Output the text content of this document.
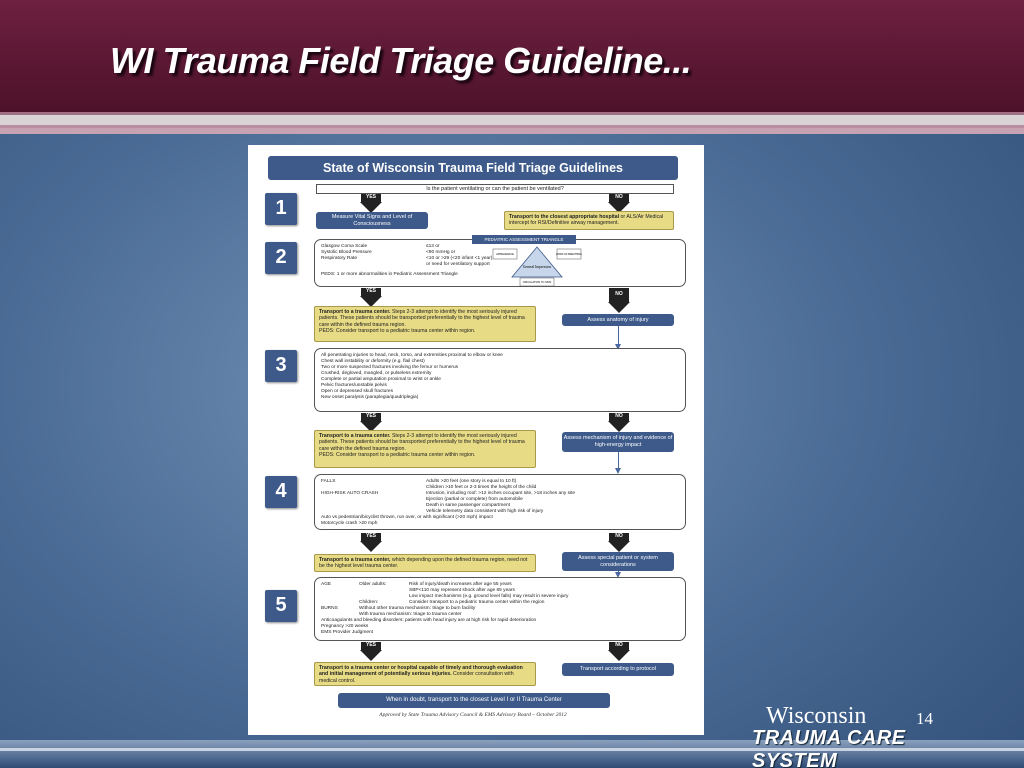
WI Trauma Field Triage Guideline...
State of Wisconsin Trauma Field Triage Guidelines
Is the patient ventilating or can the patient be ventilated?
YES	NO
1	Measure Vital Signs and Level of Consciousness
Transport to the closest appropriate hospital or ALS/Air Medical intercept for RSI/Definitive airway management.
2	Glasgow Coma Scale	≤13 or
Systolic Blood Pressure	<90 mmHg or
Respiratory Rate	<10 or >29 (<20 infant <1 year)
or need for ventilatory support
PEDS: 1 or more abnormalities in Pediatric Assessment Triangle
PEDIATRIC ASSESSMENT TRIANGLE
APPEARANCE	WORK OF BREATHING
General Impression
CIRCULATION TO SKIN
YES	NO
Transport to a trauma center. Steps 2-3 attempt to identify the most seriously injured patients. These patients should be transported preferentially to the highest level of trauma care within the defined trauma region.
PEDS: Consider transport to a pediatric trauma center within region.
Assess anatomy of injury
3	All penetrating injuries to head, neck, torso, and extremities proximal to elbow or knee
Chest wall instability or deformity (e.g. flail chest)
Two or more suspected fractures involving the femur or humerus
Crushed, degloved, mangled, or pulseless extremity
Complete or partial amputation proximal to wrist or ankle
Pelvic fractures/unstable pelvis
Open or depressed skull fractures
New onset paralysis (paraplegia/quadriplegia)
YES	NO
Transport to a trauma center. Steps 2-3 attempt to identify the most seriously injured patients. These patients should be transported preferentially to the highest level of trauma care within the defined trauma region.
PEDS: Consider transport to a pediatric trauma center within region.
Assess mechanism of injury and evidence of high-energy impact
4	FALLS	Adults >20 feet (one story is equal to 10 ft)
Children >10 feet or 2-3 times the height of the child
HIGH-RISK AUTO CRASH	Intrusion, including roof: >12 inches occupant site, >18 inches any site
Ejection (partial or complete) from automobile
Death in same passenger compartment
Vehicle telemetry data consistent with high risk of injury
Auto vs pedestrian/bicyclist thrown, run over, or with significant (>20 mph) impact
Motorcycle crash >20 mph
YES	NO
Transport to a trauma center, which depending upon the defined trauma region, need not be the highest level trauma center.
Assess special patient or system considerations
5
AGE	Older adults:	Risk of injury/death increases after age 55 years
SBP<110 may represent shock after age 65 years
Low impact mechanisms (e.g. ground level falls) may result in severe injury
Children:	Consider transport to a pediatric trauma center within the region
BURNS	Without other trauma mechanism: triage to burn facility
With trauma mechanism: triage to trauma center
Anticoagulants and bleeding disorders: patients with head injury are at high risk for rapid deterioration
Pregnancy >20 weeks
EMS Provider Judgment
YES	NO
Transport to a trauma center or hospital capable of timely and thorough evaluation and initial management of potentially serious injuries. Consider consultation with medical control.
Transport according to protocol
When in doubt, transport to the closest Level I or II Trauma Center
Approved by State Trauma Advisory Council & EMS Advisory Board – October 2012	Wisconsin
TRAUMA CARE SYSTEM
14
